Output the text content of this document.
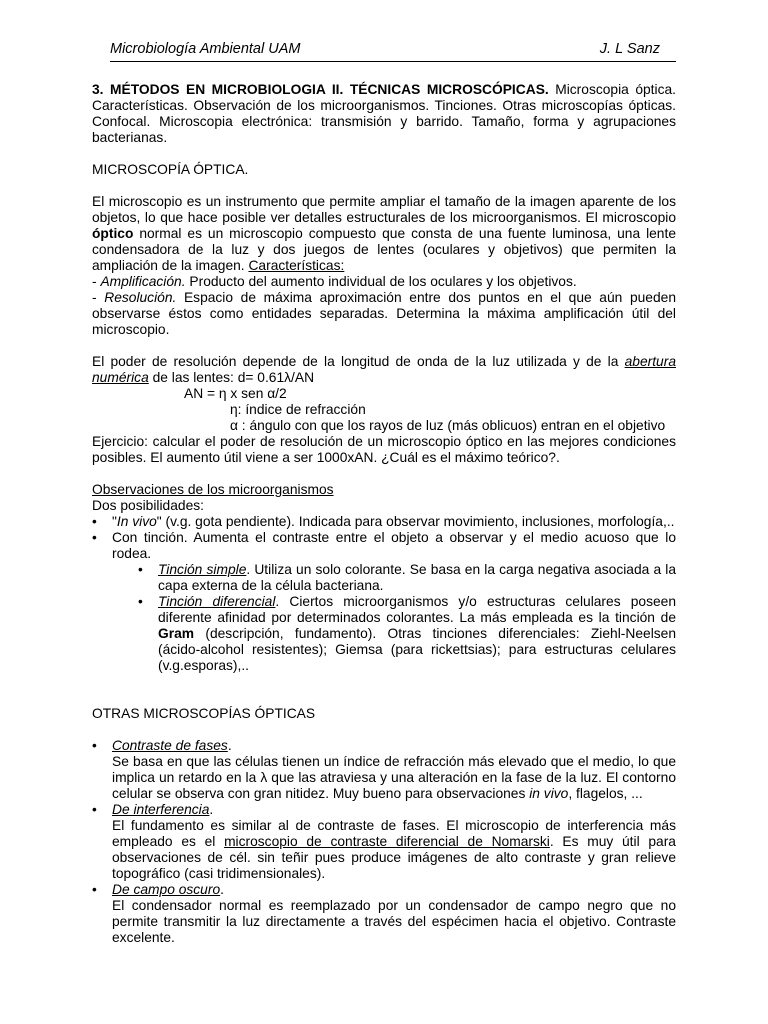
Microbiología Ambiental UAM	J. L Sanz

3. MÉTODOS EN MICROBIOLOGIA II. TÉCNICAS MICROSCÓPICAS. Microscopia óptica. Características. Observación de los microorganismos. Tinciones. Otras microscopías ópticas. Confocal. Microscopia electrónica: transmisión y barrido. Tamaño, forma y agrupaciones bacterianas.

MICROSCOPÍA ÓPTICA.

El microscopio es un instrumento que permite ampliar el tamaño de la imagen aparente de los objetos, lo que hace posible ver detalles estructurales de los microorganismos. El microscopio óptico normal es un microscopio compuesto que consta de una fuente luminosa, una lente condensadora de la luz y dos juegos de lentes (oculares y objetivos) que permiten la ampliación de la imagen. Características:

- Amplificación. Producto del aumento individual de los oculares y los objetivos.

- Resolución. Espacio de máxima aproximación entre dos puntos en el que aún pueden observarse éstos como entidades separadas. Determina la máxima amplificación útil del microscopio.

El poder de resolución depende de la longitud de onda de la luz utilizada y de la abertura numérica de las lentes: d= 0.61λ/AN

AN = η x sen α/2

η: índice de refracción

α : ángulo con que los rayos de luz (más oblicuos) entran en el objetivo

Ejercicio: calcular el poder de resolución de un microscopio óptico en las mejores condiciones posibles. El aumento útil viene a ser 1000xAN. ¿Cuál es el máximo teórico?.

Observaciones de los microorganismos

Dos posibilidades:

• "In vivo" (v.g. gota pendiente). Indicada para observar movimiento, inclusiones, morfología,..
• Con tinción. Aumenta el contraste entre el objeto a observar y el medio acuoso que lo rodea.
• Tinción simple. Utiliza un solo colorante. Se basa en la carga negativa asociada a la capa externa de la célula bacteriana.
• Tinción diferencial. Ciertos microorganismos y/o estructuras celulares poseen diferente afinidad por determinados colorantes. La más empleada es la tinción de Gram (descripción, fundamento). Otras tinciones diferenciales: Ziehl-Neelsen (ácido-alcohol resistentes); Giemsa (para rickettsias); para estructuras celulares (v.g.esporas),..

OTRAS MICROSCOPÍAS ÓPTICAS

• Contraste de fases.
Se basa en que las células tienen un índice de refracción más elevado que el medio, lo que implica un retardo en la λ que las atraviesa y una alteración en la fase de la luz. El contorno celular se observa con gran nitidez. Muy bueno para observaciones in vivo, flagelos, ...
• De interferencia.
El fundamento es similar al de contraste de fases. El microscopio de interferencia más empleado es el microscopio de contraste diferencial de Nomarski. Es muy útil para observaciones de cél. sin teñir pues produce imágenes de alto contraste y gran relieve topográfico (casi tridimensionales).
• De campo oscuro.
El condensador normal es reemplazado por un condensador de campo negro que no permite transmitir la luz directamente a través del espécimen hacia el objetivo. Contraste excelente.
